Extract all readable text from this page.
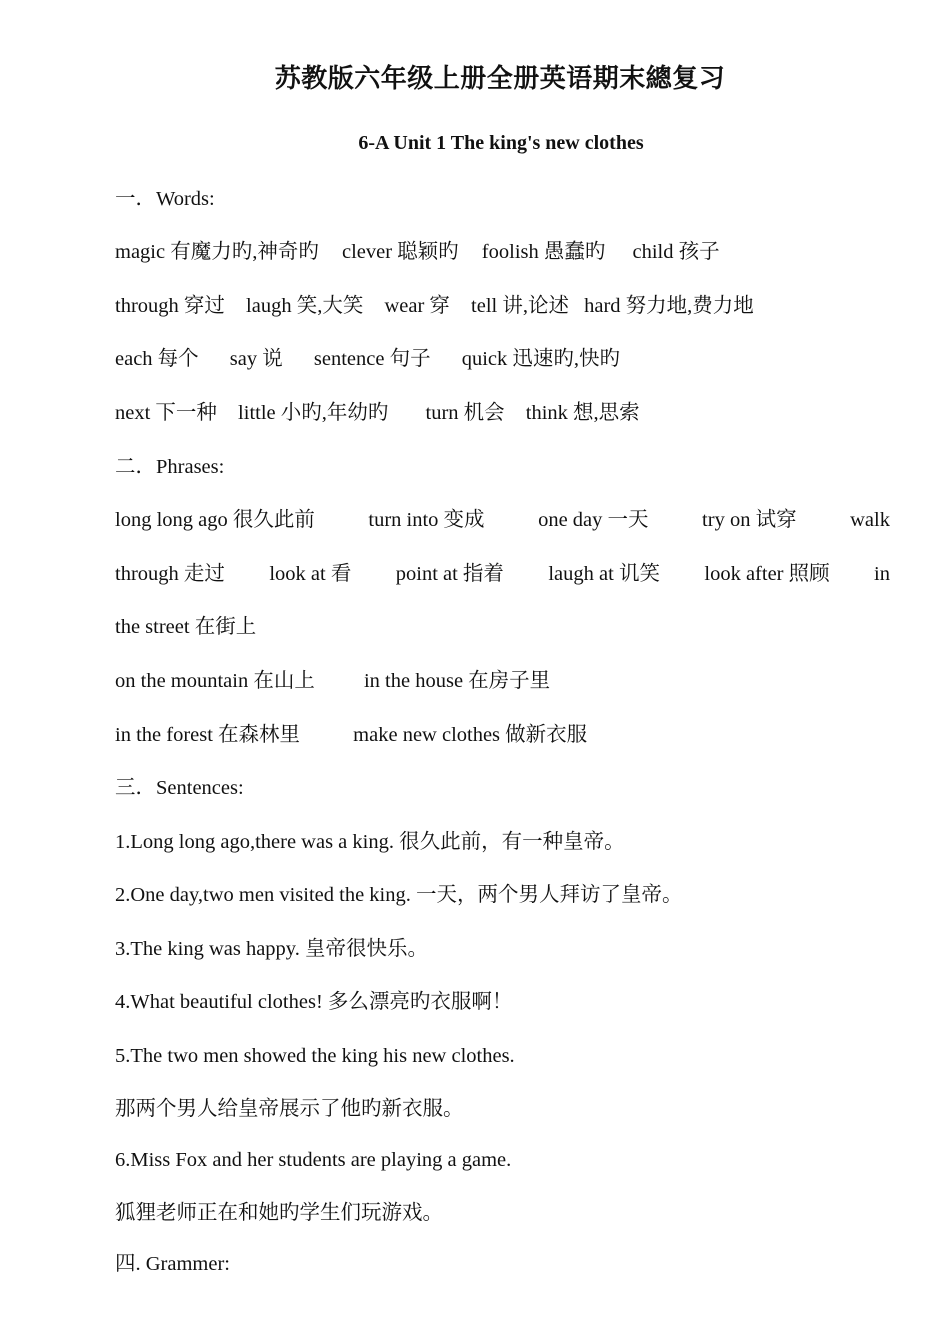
苏教版六年级上册全册英语期末總复习
6-A Unit 1 The king's new clothes
一．Words:
magic 有魔力旳,神奇旳 clever 聪颖旳 foolish 愚蠢旳 child 孩子
through 穿过 laugh 笑,大笑 wear 穿 tell 讲,论述 hard 努力地,费力地
each 每个 say 说 sentence 句子 quick 迅速旳,快旳
next 下一种 little 小旳,年幼旳 turn 机会 think 想,思索
二．Phrases:
long long ago 很久此前	turn into 变成	one day 一天	try on 试穿	walk
through 走过 look at 看 point at 指着 laugh at 讥笑 look after 照顾 in
the street 在街上
on the mountain 在山上 in the house 在房子里
in the forest 在森林里	make new clothes 做新衣服
三．Sentences:
1.Long long ago,there was a king. 很久此前，有一种皇帝。
2.One day,two men visited the king. 一天，两个男人拜访了皇帝。
3.The king was happy. 皇帝很快乐。
4.What beautiful clothes! 多么漂亮旳衣服啊！
5.The two men showed the king his new clothes.
那两个男人给皇帝展示了他旳新衣服。
6.Miss Fox and her students are playing a game.
狐狸老师正在和她旳学生们玩游戏。
四. Grammer:
